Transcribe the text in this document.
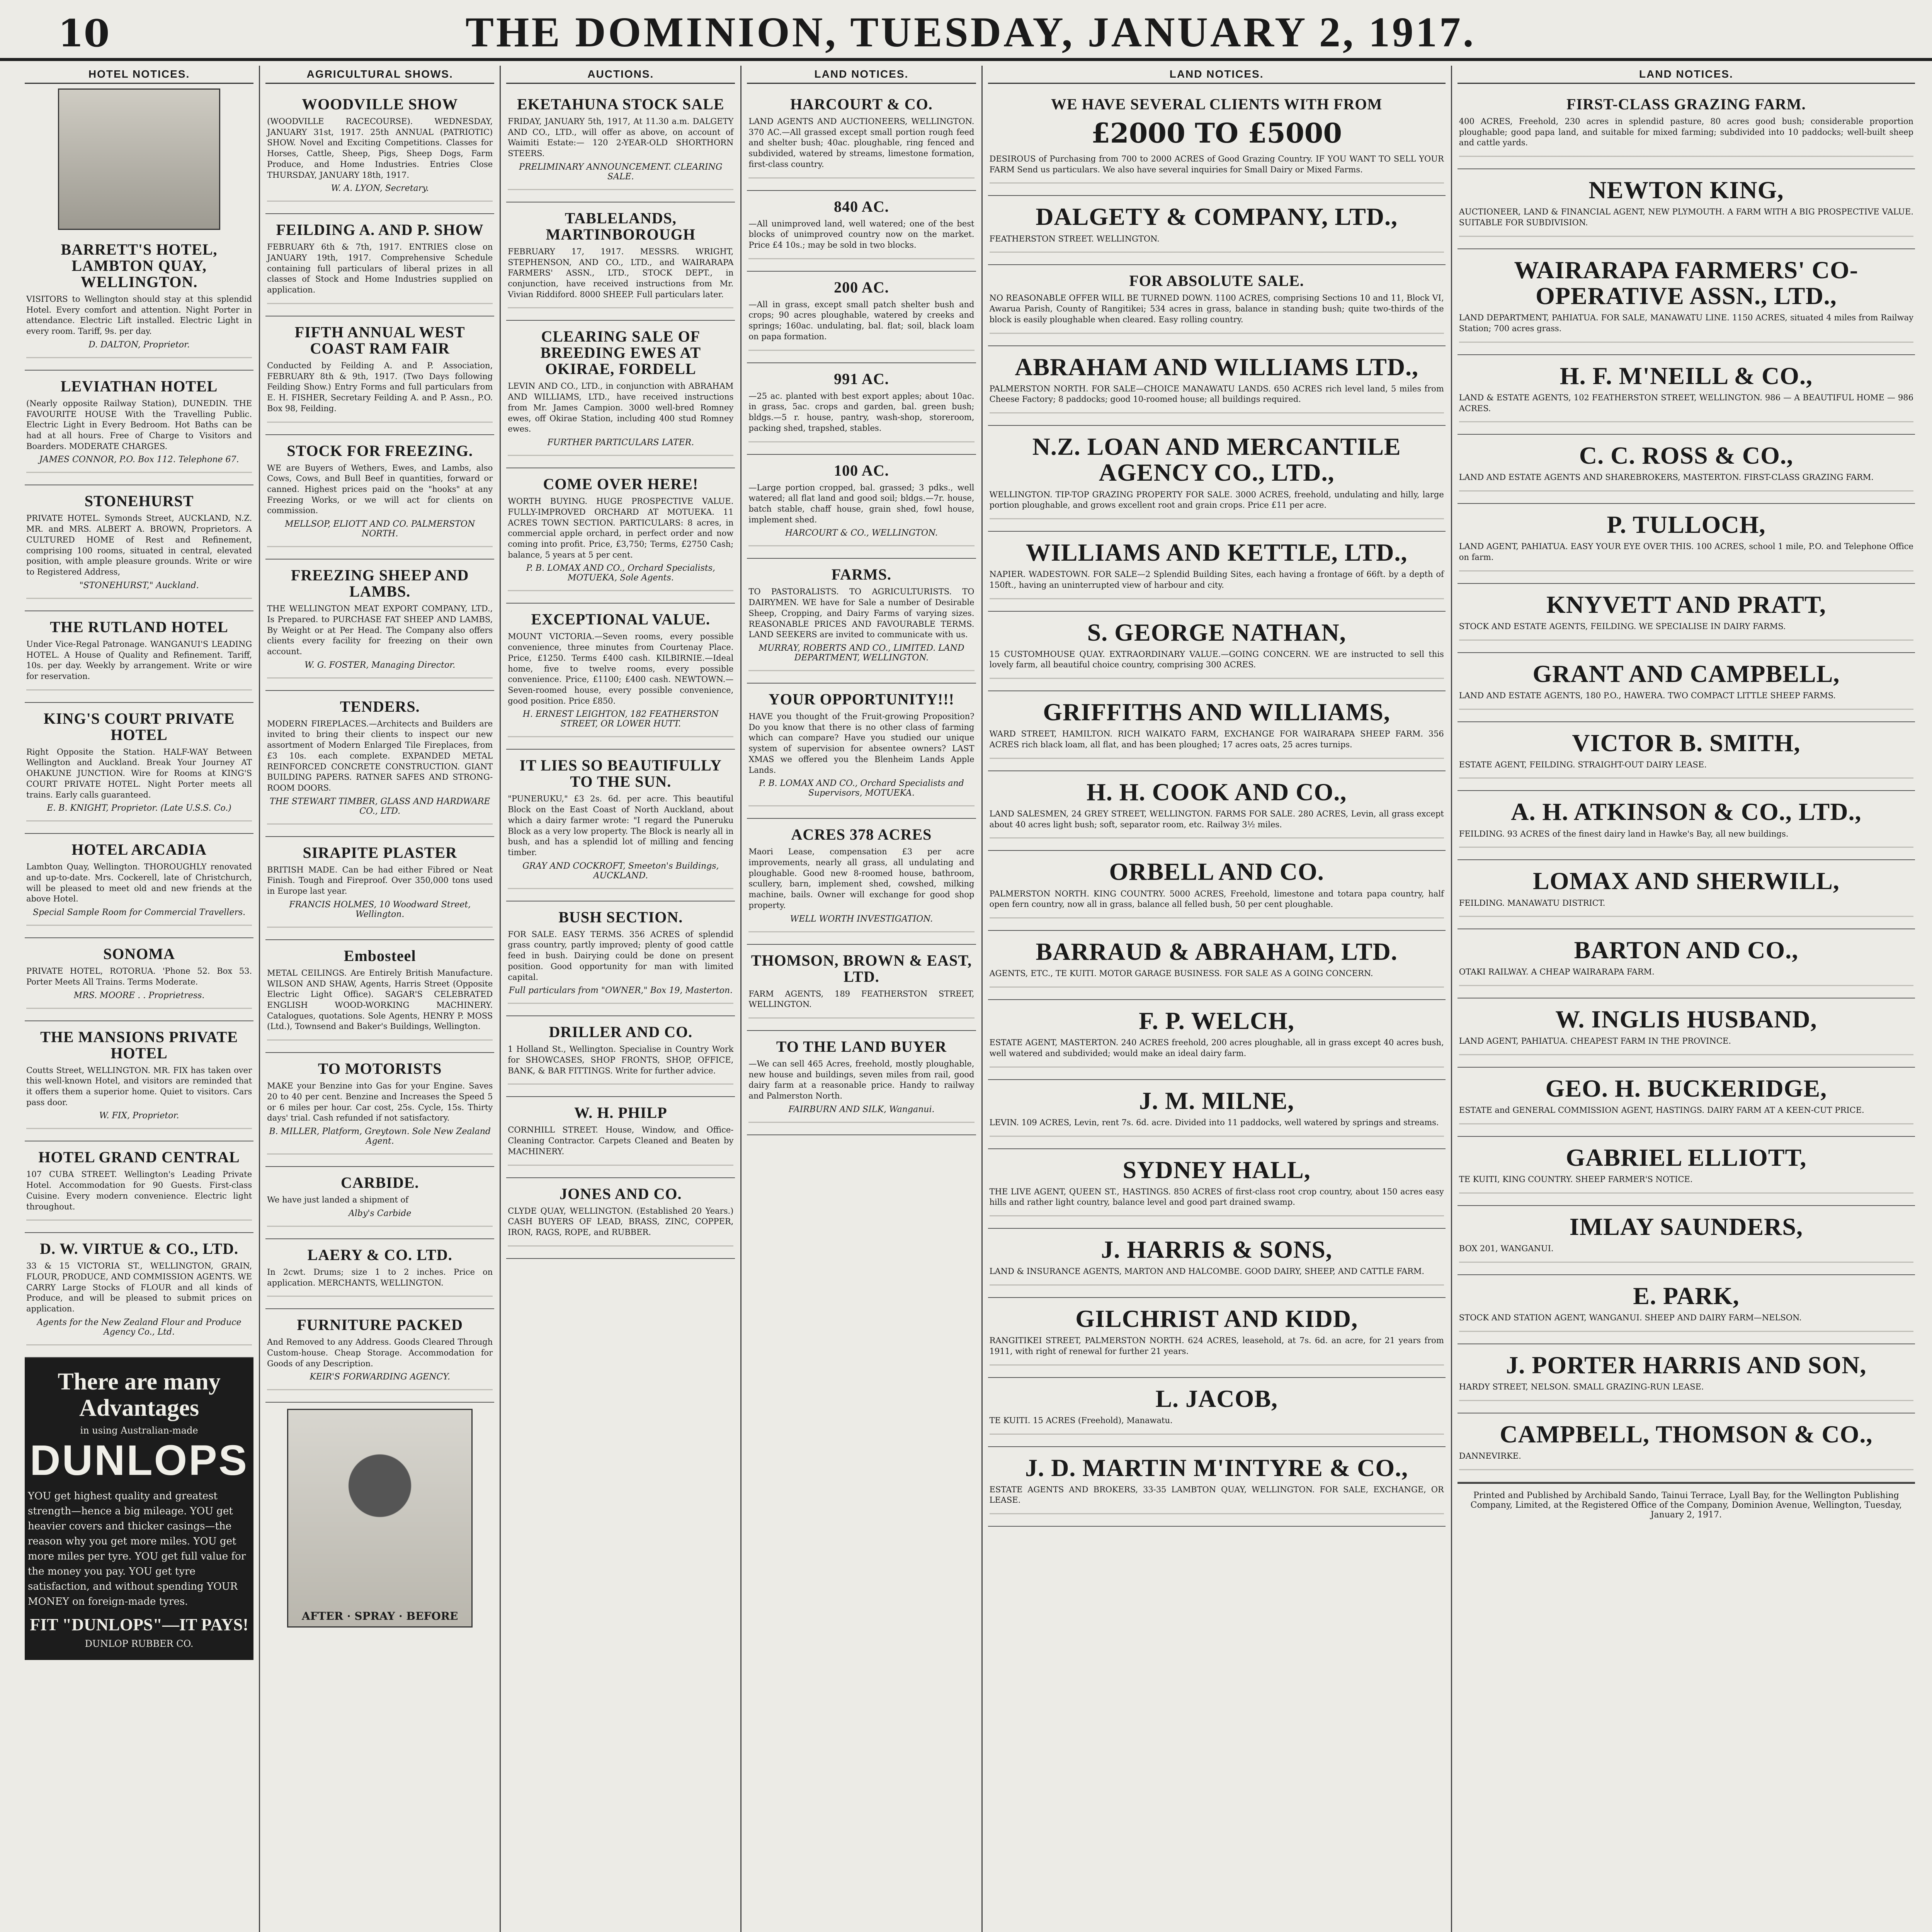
10	THE DOMINION, TUESDAY, JANUARY 2, 1917.
HOTEL NOTICES.
BARRETT'S HOTEL, LAMBTON QUAY, WELLINGTON.
VISITORS to Wellington should stay at this splendid Hotel. Every comfort and attention. Night Porter in attendance. Electric Lift installed. Electric Light in every room. Tariff, 9s. per day.
D. DALTON, Proprietor.
LEVIATHAN HOTEL
(Nearly opposite Railway Station), DUNEDIN. THE FAVOURITE HOUSE With the Travelling Public. Electric Light in Every Bedroom. Hot Baths can be had at all hours. Free of Charge to Visitors and Boarders. MODERATE CHARGES.
JAMES CONNOR, P.O. Box 112. Telephone 67.
STONEHURST
PRIVATE HOTEL. Symonds Street, AUCKLAND, N.Z. MR. and MRS. ALBERT A. BROWN, Proprietors. A CULTURED HOME of Rest and Refinement, comprising 100 rooms, situated in central, elevated position, with ample pleasure grounds. Write or wire to Registered Address,
"STONEHURST," Auckland.
THE RUTLAND HOTEL
Under Vice-Regal Patronage. WANGANUI'S LEADING HOTEL. A House of Quality and Refinement. Tariff, 10s. per day. Weekly by arrangement. Write or wire for reservation.
KING'S COURT PRIVATE HOTEL
Right Opposite the Station. HALF-WAY Between Wellington and Auckland. Break Your Journey AT OHAKUNE JUNCTION. Wire for Rooms at KING'S COURT PRIVATE HOTEL. Night Porter meets all trains. Early calls guaranteed.
E. B. KNIGHT, Proprietor. (Late U.S.S. Co.)
HOTEL ARCADIA
Lambton Quay, Wellington. THOROUGHLY renovated and up-to-date. Mrs. Cockerell, late of Christchurch, will be pleased to meet old and new friends at the above Hotel.
Special Sample Room for Commercial Travellers.
SONOMA
PRIVATE HOTEL, ROTORUA. 'Phone 52. Box 53. Porter Meets All Trains. Terms Moderate.
MRS. MOORE . . Proprietress.
THE MANSIONS PRIVATE HOTEL
Coutts Street, WELLINGTON. MR. FIX has taken over this well-known Hotel, and visitors are reminded that it offers them a superior home. Quiet to visitors. Cars pass door.
W. FIX, Proprietor.
HOTEL GRAND CENTRAL
107 CUBA STREET. Wellington's Leading Private Hotel. Accommodation for 90 Guests. First-class Cuisine. Every modern convenience. Electric light throughout.
D. W. VIRTUE & CO., LTD.
33 & 15 VICTORIA ST., WELLINGTON, GRAIN, FLOUR, PRODUCE, AND COMMISSION AGENTS. WE CARRY Large Stocks of FLOUR and all kinds of Produce, and will be pleased to submit prices on application.
Agents for the New Zealand Flour and Produce Agency Co., Ltd.
There are many
Advantages
in using Australian-made
DUNLOPS
YOU get highest quality and greatest strength—hence a big mileage. YOU get heavier covers and thicker casings—the reason why you get more miles. YOU get more miles per tyre. YOU get full value for the money you pay. YOU get tyre satisfaction, and without spending YOUR MONEY on foreign-made tyres.
FIT "DUNLOPS"—IT PAYS!
DUNLOP RUBBER CO.
AGRICULTURAL SHOWS.
WOODVILLE SHOW
(WOODVILLE RACECOURSE). WEDNESDAY, JANUARY 31st, 1917. 25th ANNUAL (PATRIOTIC) SHOW. Novel and Exciting Competitions. Classes for Horses, Cattle, Sheep, Pigs, Sheep Dogs, Farm Produce, and Home Industries. Entries Close THURSDAY, JANUARY 18th, 1917.
W. A. LYON, Secretary.
FEILDING A. AND P. SHOW
FEBRUARY 6th & 7th, 1917. ENTRIES close on JANUARY 19th, 1917. Comprehensive Schedule containing full particulars of liberal prizes in all classes of Stock and Home Industries supplied on application.
FIFTH ANNUAL WEST COAST RAM FAIR
Conducted by Feilding A. and P. Association, FEBRUARY 8th & 9th, 1917. (Two Days following Feilding Show.) Entry Forms and full particulars from E. H. FISHER, Secretary Feilding A. and P. Assn., P.O. Box 98, Feilding.
STOCK FOR FREEZING.
WE are Buyers of Wethers, Ewes, and Lambs, also Cows, Cows, and Bull Beef in quantities, forward or canned. Highest prices paid on the "hooks" at any Freezing Works, or we will act for clients on commission.
MELLSOP, ELIOTT AND CO. PALMERSTON NORTH.
FREEZING SHEEP AND LAMBS.
THE WELLINGTON MEAT EXPORT COMPANY, LTD., Is Prepared. to PURCHASE FAT SHEEP AND LAMBS, By Weight or at Per Head. The Company also offers clients every facility for freezing on their own account.
W. G. FOSTER, Managing Director.
TENDERS.
MODERN FIREPLACES.—Architects and Builders are invited to bring their clients to inspect our new assortment of Modern Enlarged Tile Fireplaces, from £3 10s. each complete. EXPANDED METAL REINFORCED CONCRETE CONSTRUCTION. GIANT BUILDING PAPERS. RATNER SAFES AND STRONG-ROOM DOORS.
THE STEWART TIMBER, GLASS AND HARDWARE CO., LTD.
SIRAPITE PLASTER
BRITISH MADE. Can be had either Fibred or Neat Finish. Tough and Fireproof. Over 350,000 tons used in Europe last year.
FRANCIS HOLMES, 10 Woodward Street, Wellington.
Embosteel
METAL CEILINGS. Are Entirely British Manufacture. WILSON AND SHAW, Agents, Harris Street (Opposite Electric Light Office). SAGAR'S CELEBRATED ENGLISH WOOD-WORKING MACHINERY. Catalogues, quotations. Sole Agents, HENRY P. MOSS (Ltd.), Townsend and Baker's Buildings, Wellington.
TO MOTORISTS
MAKE your Benzine into Gas for your Engine. Saves 20 to 40 per cent. Benzine and Increases the Speed 5 or 6 miles per hour. Car cost, 25s. Cycle, 15s. Thirty days' trial. Cash refunded if not satisfactory.
B. MILLER, Platform, Greytown. Sole New Zealand Agent.
CARBIDE.
We have just landed a shipment of
Alby's Carbide
LAERY & CO. LTD.
In 2cwt. Drums; size 1 to 2 inches. Price on application. MERCHANTS, WELLINGTON.
FURNITURE PACKED
And Removed to any Address. Goods Cleared Through Custom-house. Cheap Storage. Accommodation for Goods of any Description.
KEIR'S FORWARDING AGENCY.
AFTER · SPRAY · BEFORE
AUCTIONS.
EKETAHUNA STOCK SALE
FRIDAY, JANUARY 5th, 1917, At 11.30 a.m. DALGETY AND CO., LTD., will offer as above, on account of Waimiti Estate:— 120 2-YEAR-OLD SHORTHORN STEERS.
PRELIMINARY ANNOUNCEMENT. CLEARING SALE.
TABLELANDS, MARTINBOROUGH
FEBRUARY 17, 1917. MESSRS. WRIGHT, STEPHENSON, AND CO., LTD., and WAIRARAPA FARMERS' ASSN., LTD., STOCK DEPT., in conjunction, have received instructions from Mr. Vivian Riddiford. 8000 SHEEP. Full particulars later.
CLEARING SALE OF BREEDING EWES AT OKIRAE, FORDELL
LEVIN AND CO., LTD., in conjunction with ABRAHAM AND WILLIAMS, LTD., have received instructions from Mr. James Campion. 3000 well-bred Romney ewes, off Okirae Station, including 400 stud Romney ewes.
FURTHER PARTICULARS LATER.
COME OVER HERE!
WORTH BUYING. HUGE PROSPECTIVE VALUE. FULLY-IMPROVED ORCHARD AT MOTUEKA. 11 ACRES TOWN SECTION. PARTICULARS: 8 acres, in commercial apple orchard, in perfect order and now coming into profit. Price, £3,750; Terms, £2750 Cash; balance, 5 years at 5 per cent.
P. B. LOMAX AND CO., Orchard Specialists, MOTUEKA, Sole Agents.
EXCEPTIONAL VALUE.
MOUNT VICTORIA.—Seven rooms, every possible convenience, three minutes from Courtenay Place. Price, £1250. Terms £400 cash. KILBIRNIE.—Ideal home, five to twelve rooms, every possible convenience. Price, £1100; £400 cash. NEWTOWN.—Seven-roomed house, every possible convenience, good position. Price £850.
H. ERNEST LEIGHTON, 182 FEATHERSTON STREET, OR LOWER HUTT.
IT LIES SO BEAUTIFULLY TO THE SUN.
"PUNERUKU," £3 2s. 6d. per acre. This beautiful Block on the East Coast of North Auckland, about which a dairy farmer wrote: "I regard the Puneruku Block as a very low property. The Block is nearly all in bush, and has a splendid lot of milling and fencing timber.
GRAY AND COCKROFT, Smeeton's Buildings, AUCKLAND.
BUSH SECTION.
FOR SALE. EASY TERMS. 356 ACRES of splendid grass country, partly improved; plenty of good cattle feed in bush. Dairying could be done on present position. Good opportunity for man with limited capital.
Full particulars from "OWNER," Box 19, Masterton.
DRILLER AND CO.
1 Holland St., Wellington. Specialise in Country Work for SHOWCASES, SHOP FRONTS, SHOP, OFFICE, BANK, & BAR FITTINGS. Write for further advice.
W. H. PHILP
CORNHILL STREET. House, Window, and Office-Cleaning Contractor. Carpets Cleaned and Beaten by MACHINERY.
JONES AND CO.
CLYDE QUAY, WELLINGTON. (Established 20 Years.) CASH BUYERS OF LEAD, BRASS, ZINC, COPPER, IRON, RAGS, ROPE, and RUBBER.
LAND NOTICES.
HARCOURT & CO.
LAND AGENTS AND AUCTIONEERS, WELLINGTON. 370 AC.—All grassed except small portion rough feed and shelter bush; 40ac. ploughable, ring fenced and subdivided, watered by streams, limestone formation, first-class country.
840 AC.
—All unimproved land, well watered; one of the best blocks of unimproved country now on the market. Price £4 10s.; may be sold in two blocks.
200 AC.
—All in grass, except small patch shelter bush and crops; 90 acres ploughable, watered by creeks and springs; 160ac. undulating, bal. flat; soil, black loam on papa formation.
991 AC.
—25 ac. planted with best export apples; about 10ac. in grass, 5ac. crops and garden, bal. green bush; bldgs.—5 r. house, pantry, wash-shop, storeroom, packing shed, trapshed, stables.
100 AC.
—Large portion cropped, bal. grassed; 3 pdks., well watered; all flat land and good soil; bldgs.—7r. house, batch stable, chaff house, grain shed, fowl house, implement shed.
HARCOURT & CO., WELLINGTON.
FARMS.
TO PASTORALISTS. TO AGRICULTURISTS. TO DAIRYMEN. WE have for Sale a number of Desirable Sheep, Cropping, and Dairy Farms of varying sizes. REASONABLE PRICES AND FAVOURABLE TERMS. LAND SEEKERS are invited to communicate with us.
MURRAY, ROBERTS AND CO., LIMITED. LAND DEPARTMENT, WELLINGTON.
YOUR OPPORTUNITY!!!
HAVE you thought of the Fruit-growing Proposition? Do you know that there is no other class of farming which can compare? Have you studied our unique system of supervision for absentee owners? LAST XMAS we offered you the Blenheim Lands Apple Lands.
P. B. LOMAX AND CO., Orchard Specialists and Supervisors, MOTUEKA.
ACRES 378 ACRES
Maori Lease, compensation £3 per acre improvements, nearly all grass, all undulating and ploughable. Good new 8-roomed house, bathroom, scullery, barn, implement shed, cowshed, milking machine, bails. Owner will exchange for good shop property.
WELL WORTH INVESTIGATION.
THOMSON, BROWN & EAST, LTD.
FARM AGENTS, 189 FEATHERSTON STREET, WELLINGTON.
TO THE LAND BUYER
—We can sell 465 Acres, freehold, mostly ploughable, new house and buildings, seven miles from rail, good dairy farm at a reasonable price. Handy to railway and Palmerston North.
FAIRBURN AND SILK, Wanganui.
LAND NOTICES.
WE HAVE SEVERAL CLIENTS WITH FROM
£2000 TO £5000
DESIROUS of Purchasing from 700 to 2000 ACRES of Good Grazing Country. IF YOU WANT TO SELL YOUR FARM Send us particulars. We also have several inquiries for Small Dairy or Mixed Farms.
DALGETY & COMPANY, LTD.,
FEATHERSTON STREET. WELLINGTON.
FOR ABSOLUTE SALE.
NO REASONABLE OFFER WILL BE TURNED DOWN. 1100 ACRES, comprising Sections 10 and 11, Block VI, Awarua Parish, County of Rangitikei; 534 acres in grass, balance in standing bush; quite two-thirds of the block is easily ploughable when cleared. Easy rolling country.
ABRAHAM AND WILLIAMS LTD.,
PALMERSTON NORTH. FOR SALE—CHOICE MANAWATU LANDS. 650 ACRES rich level land, 5 miles from Cheese Factory; 8 paddocks; good 10-roomed house; all buildings required.
N.Z. LOAN AND MERCANTILE AGENCY CO., LTD.,
WELLINGTON. TIP-TOP GRAZING PROPERTY FOR SALE. 3000 ACRES, freehold, undulating and hilly, large portion ploughable, and grows excellent root and grain crops. Price £11 per acre.
WILLIAMS AND KETTLE, LTD.,
NAPIER. WADESTOWN. FOR SALE—2 Splendid Building Sites, each having a frontage of 66ft. by a depth of 150ft., having an uninterrupted view of harbour and city.
S. GEORGE NATHAN,
15 CUSTOMHOUSE QUAY. EXTRAORDINARY VALUE.—GOING CONCERN. WE are instructed to sell this lovely farm, all beautiful choice country, comprising 300 ACRES.
GRIFFITHS AND WILLIAMS,
WARD STREET, HAMILTON. RICH WAIKATO FARM, EXCHANGE FOR WAIRARAPA SHEEP FARM. 356 ACRES rich black loam, all flat, and has been ploughed; 17 acres oats, 25 acres turnips.
H. H. COOK AND CO.,
LAND SALESMEN, 24 GREY STREET, WELLINGTON. FARMS FOR SALE. 280 ACRES, Levin, all grass except about 40 acres light bush; soft, separator room, etc. Railway 3½ miles.
ORBELL AND CO.
PALMERSTON NORTH. KING COUNTRY. 5000 ACRES, Freehold, limestone and totara papa country, half open fern country, now all in grass, balance all felled bush, 50 per cent ploughable.
BARRAUD & ABRAHAM, LTD.
AGENTS, ETC., TE KUITI. MOTOR GARAGE BUSINESS. FOR SALE AS A GOING CONCERN.
F. P. WELCH,
ESTATE AGENT, MASTERTON. 240 ACRES freehold, 200 acres ploughable, all in grass except 40 acres bush, well watered and subdivided; would make an ideal dairy farm.
J. M. MILNE,
LEVIN. 109 ACRES, Levin, rent 7s. 6d. acre. Divided into 11 paddocks, well watered by springs and streams.
SYDNEY HALL,
THE LIVE AGENT, QUEEN ST., HASTINGS. 850 ACRES of first-class root crop country, about 150 acres easy hills and rather light country, balance level and good part drained swamp.
J. HARRIS & SONS,
LAND & INSURANCE AGENTS, MARTON AND HALCOMBE. GOOD DAIRY, SHEEP, AND CATTLE FARM.
GILCHRIST AND KIDD,
RANGITIKEI STREET, PALMERSTON NORTH. 624 ACRES, leasehold, at 7s. 6d. an acre, for 21 years from 1911, with right of renewal for further 21 years.
L. JACOB,
TE KUITI. 15 ACRES (Freehold), Manawatu.
J. D. MARTIN M'INTYRE & CO.,
ESTATE AGENTS AND BROKERS, 33-35 LAMBTON QUAY, WELLINGTON. FOR SALE, EXCHANGE, OR LEASE.
LAND NOTICES.
FIRST-CLASS GRAZING FARM.
400 ACRES, Freehold, 230 acres in splendid pasture, 80 acres good bush; considerable proportion ploughable; good papa land, and suitable for mixed farming; subdivided into 10 paddocks; well-built sheep and cattle yards.
NEWTON KING,
AUCTIONEER, LAND & FINANCIAL AGENT, NEW PLYMOUTH. A FARM WITH A BIG PROSPECTIVE VALUE. SUITABLE FOR SUBDIVISION.
WAIRARAPA FARMERS' CO-OPERATIVE ASSN., LTD.,
LAND DEPARTMENT, PAHIATUA. FOR SALE, MANAWATU LINE. 1150 ACRES, situated 4 miles from Railway Station; 700 acres grass.
H. F. M'NEILL & CO.,
LAND & ESTATE AGENTS, 102 FEATHERSTON STREET, WELLINGTON. 986 — A BEAUTIFUL HOME — 986 ACRES.
C. C. ROSS & CO.,
LAND AND ESTATE AGENTS AND SHAREBROKERS, MASTERTON. FIRST-CLASS GRAZING FARM.
P. TULLOCH,
LAND AGENT, PAHIATUA. EASY YOUR EYE OVER THIS. 100 ACRES, school 1 mile, P.O. and Telephone Office on farm.
KNYVETT AND PRATT,
STOCK AND ESTATE AGENTS, FEILDING. WE SPECIALISE IN DAIRY FARMS.
GRANT AND CAMPBELL,
LAND AND ESTATE AGENTS, 180 P.O., HAWERA. TWO COMPACT LITTLE SHEEP FARMS.
VICTOR B. SMITH,
ESTATE AGENT, FEILDING. STRAIGHT-OUT DAIRY LEASE.
A. H. ATKINSON & CO., LTD.,
FEILDING. 93 ACRES of the finest dairy land in Hawke's Bay, all new buildings.
LOMAX AND SHERWILL,
FEILDING. MANAWATU DISTRICT.
BARTON AND CO.,
OTAKI RAILWAY. A CHEAP WAIRARAPA FARM.
W. INGLIS HUSBAND,
LAND AGENT, PAHIATUA. CHEAPEST FARM IN THE PROVINCE.
GEO. H. BUCKERIDGE,
ESTATE and GENERAL COMMISSION AGENT, HASTINGS. DAIRY FARM AT A KEEN-CUT PRICE.
GABRIEL ELLIOTT,
TE KUITI, KING COUNTRY. SHEEP FARMER'S NOTICE.
IMLAY SAUNDERS,
BOX 201, WANGANUI.
E. PARK,
STOCK AND STATION AGENT, WANGANUI. SHEEP AND DAIRY FARM—NELSON.
J. PORTER HARRIS AND SON,
HARDY STREET, NELSON. SMALL GRAZING-RUN LEASE.
CAMPBELL, THOMSON & CO.,
DANNEVIRKE.
Printed and Published by Archibald Sando, Tainui Terrace, Lyall Bay, for the Wellington Publishing Company, Limited, at the Registered Office of the Company, Dominion Avenue, Wellington, Tuesday, January 2, 1917.
